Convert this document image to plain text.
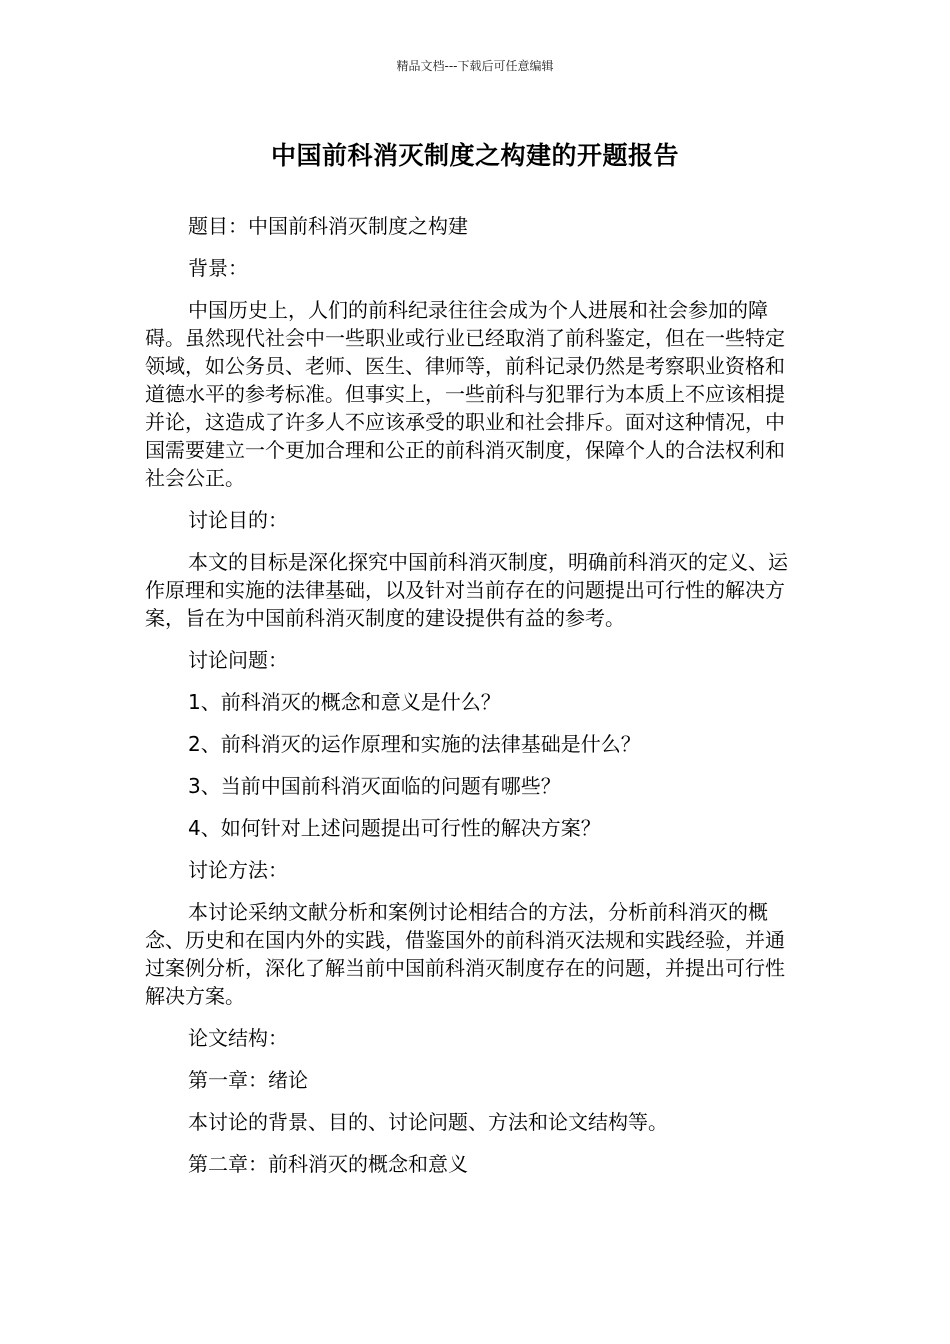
精品文档---下载后可任意编辑
中国前科消灭制度之构建的开题报告

题目：中国前科消灭制度之构建

背景：

中国历史上，人们的前科纪录往往会成为个人进展和社会参加的障碍。虽然现代社会中一些职业或行业已经取消了前科鉴定，但在一些特定领域，如公务员、老师、医生、律师等，前科记录仍然是考察职业资格和道德水平的参考标准。但事实上，一些前科与犯罪行为本质上不应该相提并论，这造成了许多人不应该承受的职业和社会排斥。面对这种情况，中国需要建立一个更加合理和公正的前科消灭制度，保障个人的合法权利和社会公正。

讨论目的：

本文的目标是深化探究中国前科消灭制度，明确前科消灭的定义、运作原理和实施的法律基础，以及针对当前存在的问题提出可行性的解决方案，旨在为中国前科消灭制度的建设提供有益的参考。

讨论问题：

1、前科消灭的概念和意义是什么？

2、前科消灭的运作原理和实施的法律基础是什么？

3、当前中国前科消灭面临的问题有哪些？

4、如何针对上述问题提出可行性的解决方案？

讨论方法：

本讨论采纳文献分析和案例讨论相结合的方法，分析前科消灭的概念、历史和在国内外的实践，借鉴国外的前科消灭法规和实践经验，并通过案例分析，深化了解当前中国前科消灭制度存在的问题，并提出可行性解决方案。

论文结构：

第一章：绪论

本讨论的背景、目的、讨论问题、方法和论文结构等。

第二章：前科消灭的概念和意义
